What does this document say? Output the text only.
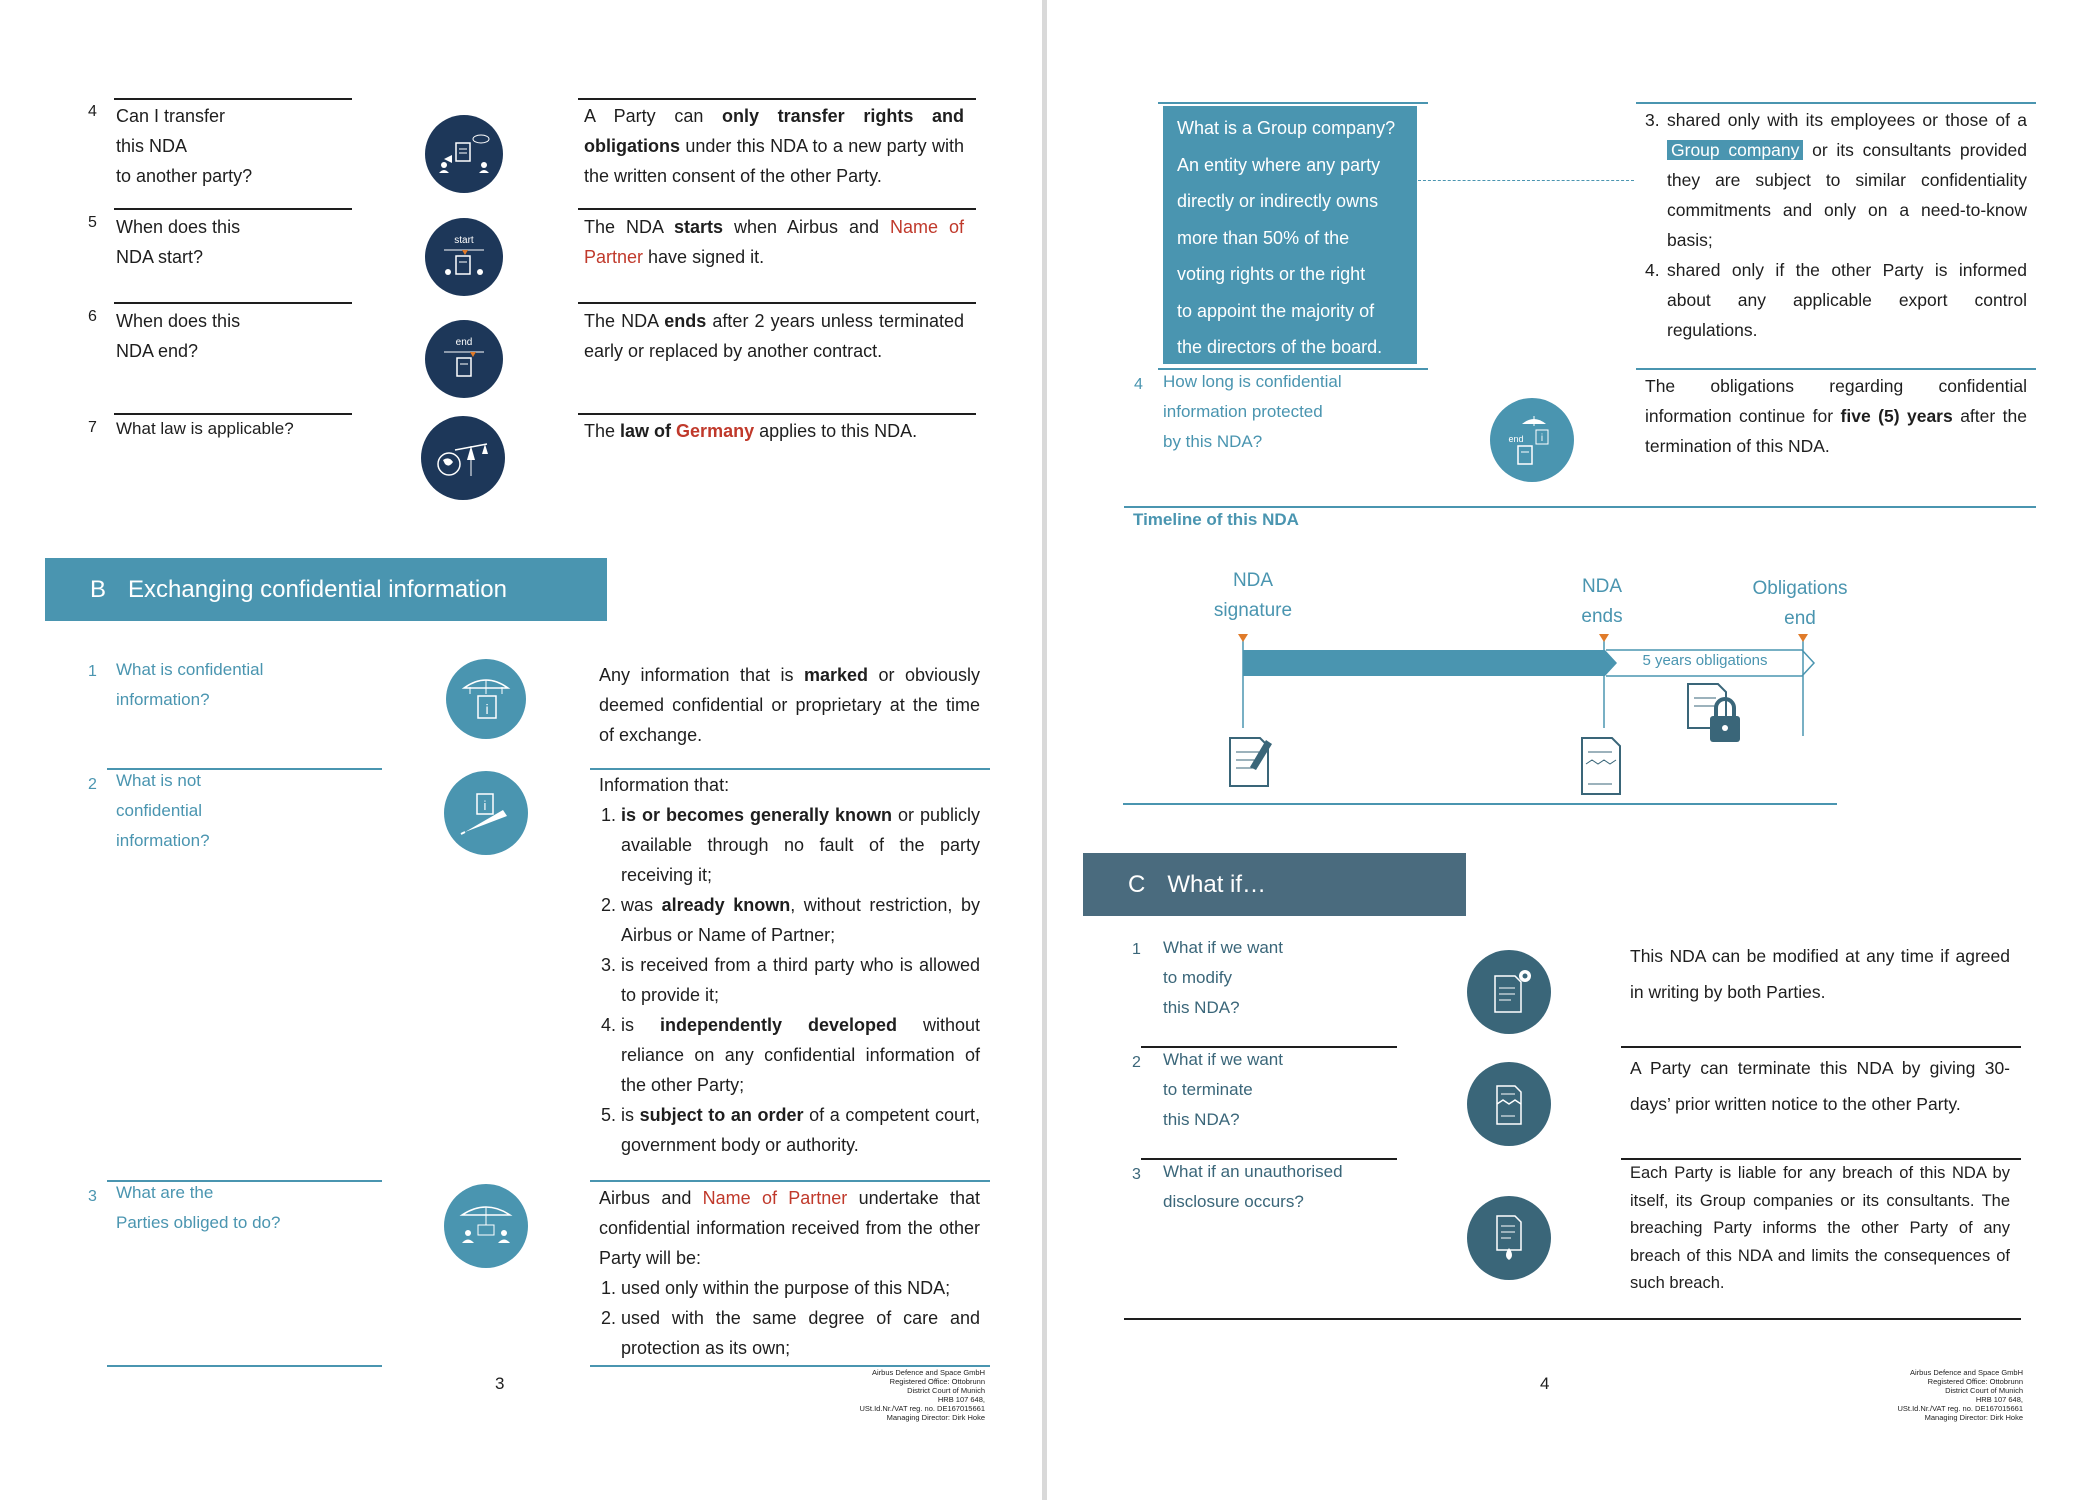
4 Can I transfer
this NDA
to another party?
A Party can only transfer rights and obligations under this NDA to a new party with the written consent of the other Party.
5 When does this
NDA start?
start
The NDA starts when Airbus and Name of Partner have signed it.
6 When does this
NDA end?	end
The NDA ends after 2 years unless terminated early or replaced by another contract.
7 What law is applicable?	The law of Germany applies to this NDA.
B Exchanging confidential information
1 What is confidential
information?	i
Any information that is marked or obviously deemed confidential or proprietary at the time of exchange.
2 What is not
confidential
information?
i
Information that:
1. is or becomes generally known or publicly available through no fault of the party receiving it;
2. was already known, without restriction, by Airbus or Name of Partner;
3. is received from a third party who is allowed to provide it;
4. is independently developed without reliance on any confidential information of the other Party;
5. is subject to an order of a competent court, government body or authority.
3 What are the
Parties obliged to do?
Airbus and Name of Partner undertake that confidential information received from the other Party will be:
1. used only within the purpose of this NDA;
2. used with the same degree of care and protection as its own;
3
Airbus Defence and Space GmbH
Registered Office: Ottobrunn
District Court of Munich
HRB 107 648,
USt.Id.Nr./VAT reg. no. DE167015661
Managing Director: Dirk Hoke
What is a Group company?
An entity where any party
directly or indirectly owns
more than 50% of the
voting rights or the right
to appoint the majority of
the directors of the board.
3. shared only with its employees or those of a Group company or its consultants provided they are subject to similar confidentiality commitments and only on a need-to-know basis;
4. shared only if the other Party is informed about any applicable export control regulations.
4 How long is confidential
information protected
by this NDA?	i
end
The obligations regarding confidential information continue for five (5) years after the termination of this NDA.
Timeline of this NDA
NDA
signature
NDA
ends
Obligations
end
5 years obligations
C What if…
1 What if we want
to modify
this NDA?
This NDA can be modified at any time if agreed in writing by both Parties.
2 What if we want
to terminate
this NDA?
A Party can terminate this NDA by giving 30-days’ prior written notice to the other Party.
3 What if an unauthorised
disclosure occurs?
Each Party is liable for any breach of this NDA by itself, its Group companies or its consultants. The breaching Party informs the other Party of any breach of this NDA and limits the consequences of such breach.
4
Airbus Defence and Space GmbH
Registered Office: Ottobrunn
District Court of Munich
HRB 107 648,
USt.Id.Nr./VAT reg. no. DE167015661
Managing Director: Dirk Hoke
